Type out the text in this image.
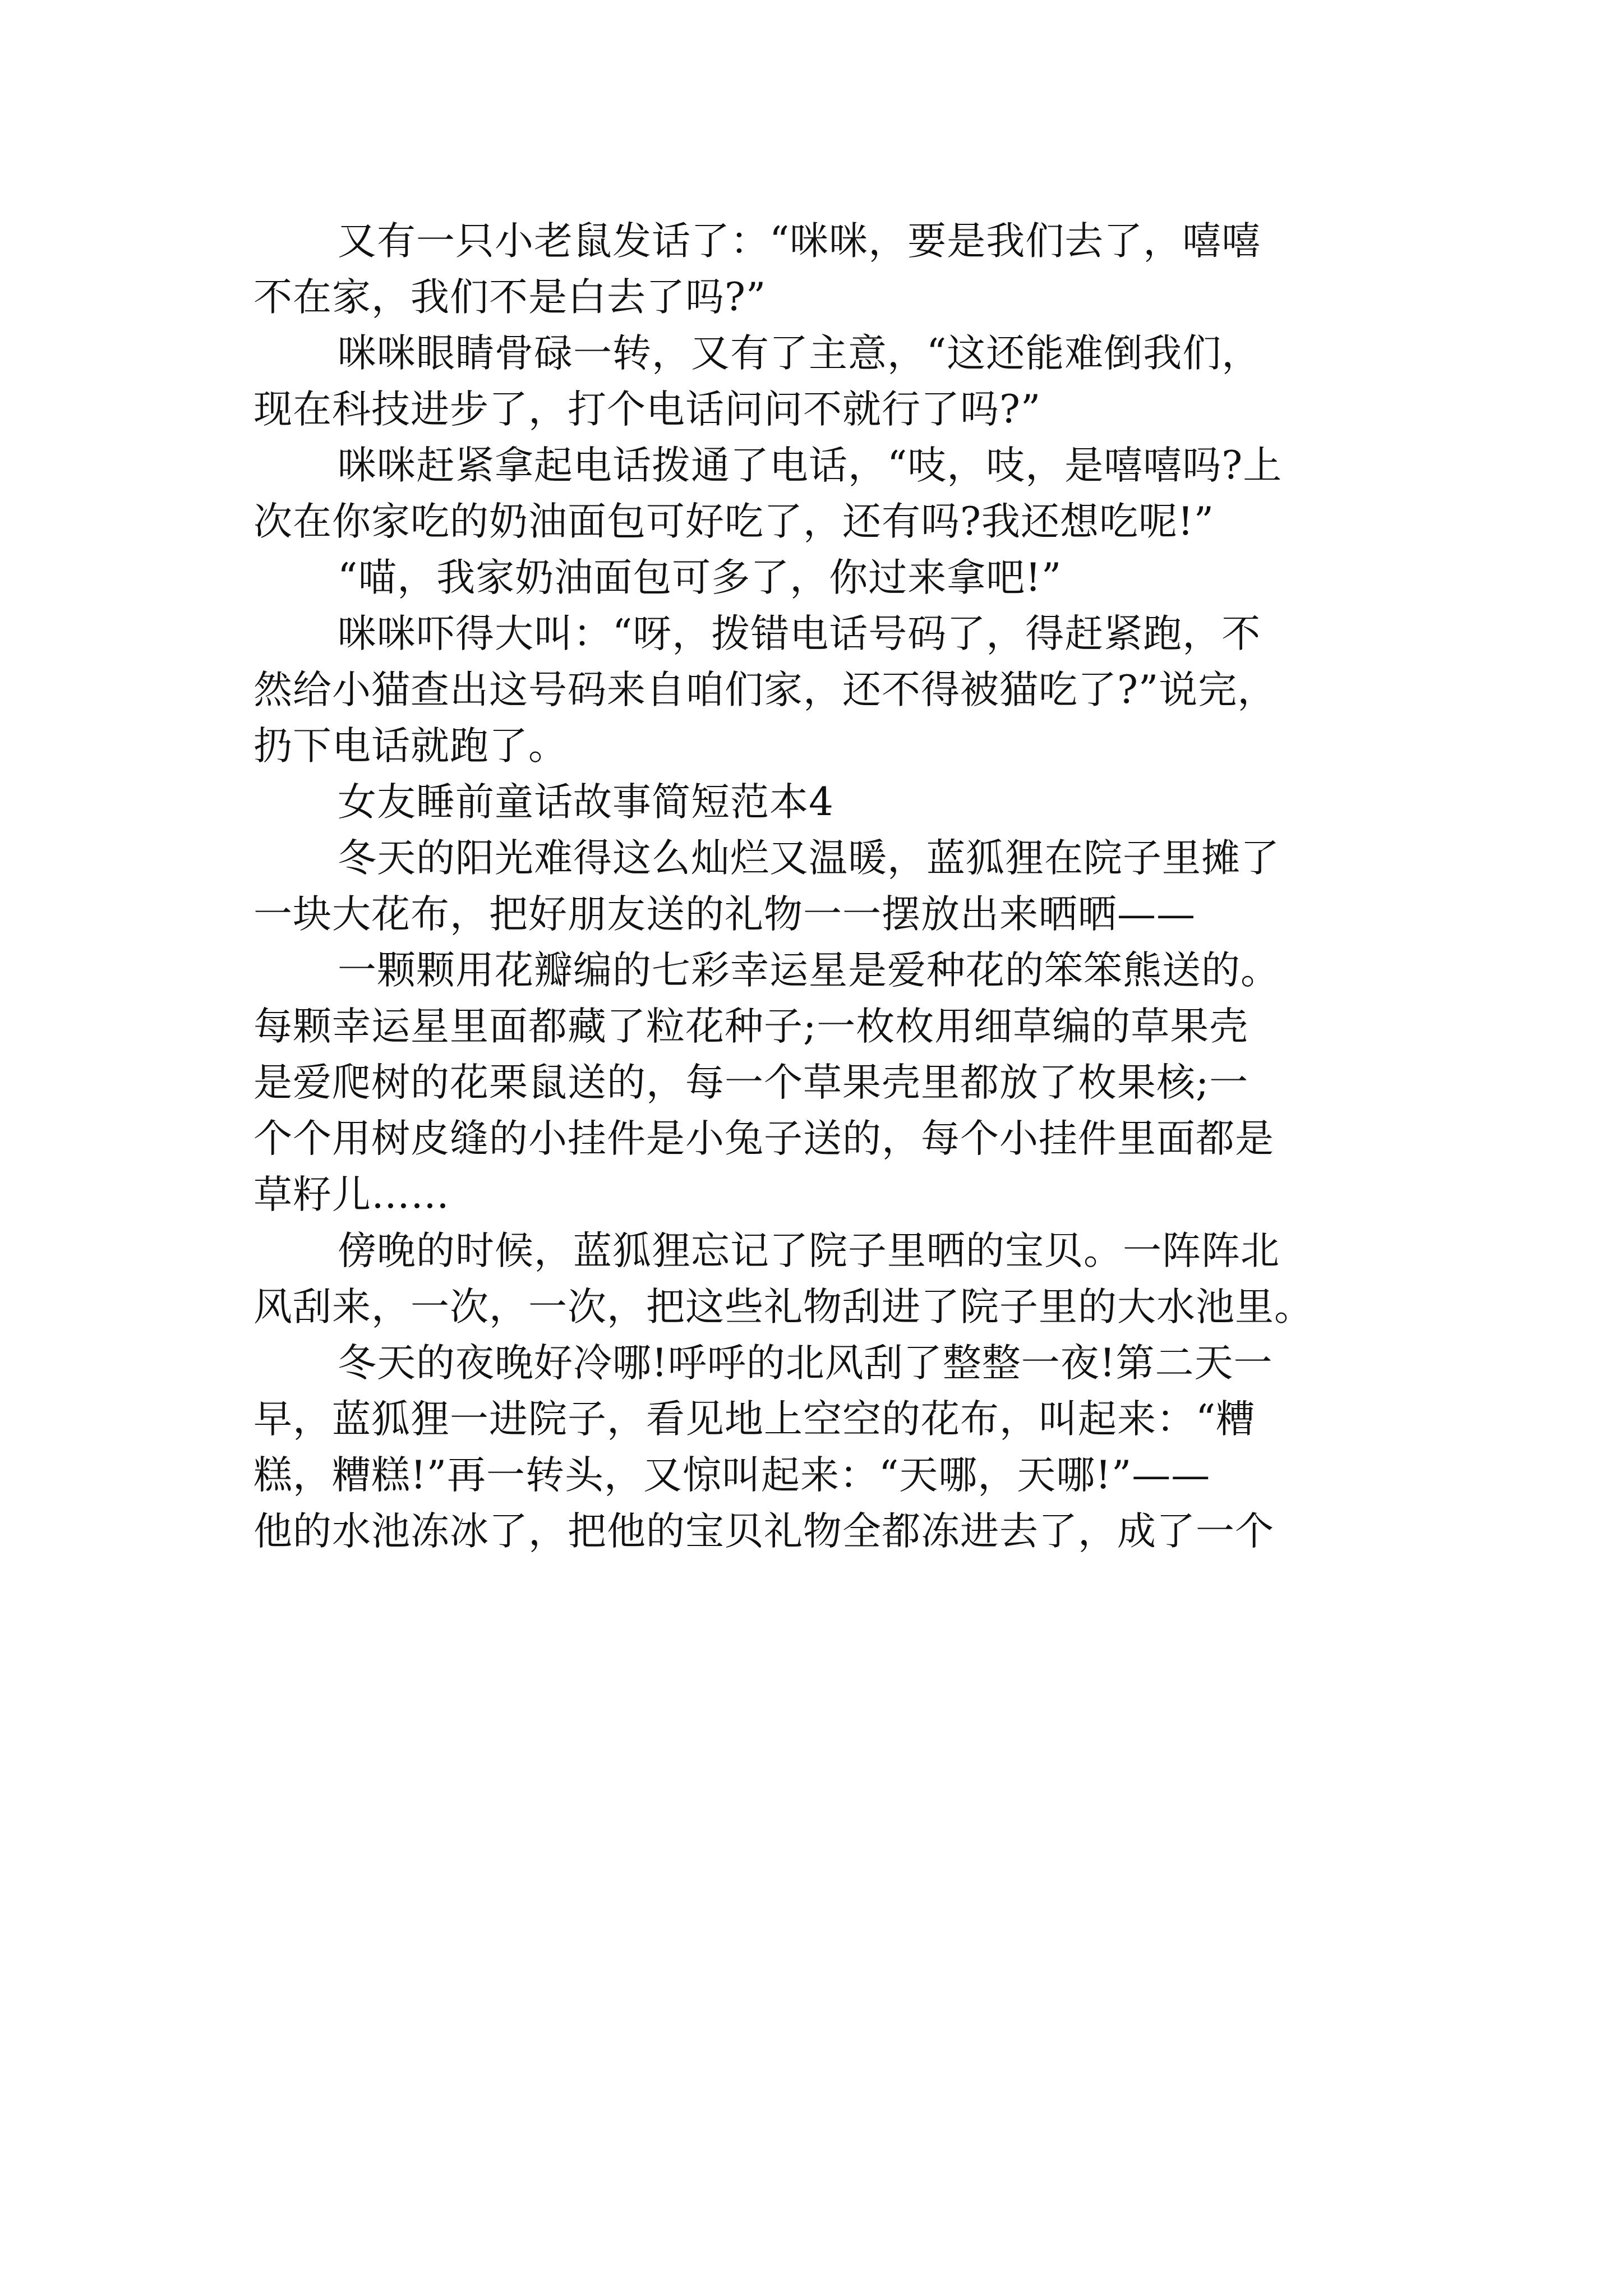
又有一只小老鼠发话了：“咪咪，要是我们去了，嘻嘻
不在家，我们不是白去了吗?”
咪咪眼睛骨碌一转，又有了主意，“这还能难倒我们，
现在科技进步了，打个电话问问不就行了吗?”
咪咪赶紧拿起电话拨通了电话，“吱，吱，是嘻嘻吗?上
次在你家吃的奶油面包可好吃了，还有吗?我还想吃呢!”
“喵，我家奶油面包可多了，你过来拿吧!”
咪咪吓得大叫：“呀，拨错电话号码了，得赶紧跑，不
然给小猫查出这号码来自咱们家，还不得被猫吃了?”说完，
扔下电话就跑了。
女友睡前童话故事简短范本4
冬天的阳光难得这么灿烂又温暖，蓝狐狸在院子里摊了
一块大花布，把好朋友送的礼物一一摆放出来晒晒——
一颗颗用花瓣编的七彩幸运星是爱种花的笨笨熊送的。
每颗幸运星里面都藏了粒花种子;一枚枚用细草编的草果壳
是爱爬树的花栗鼠送的，每一个草果壳里都放了枚果核;一
个个用树皮缝的小挂件是小兔子送的，每个小挂件里面都是
草籽儿……
傍晚的时候，蓝狐狸忘记了院子里晒的宝贝。一阵阵北
风刮来，一次，一次，把这些礼物刮进了院子里的大水池里。
冬天的夜晚好冷哪!呼呼的北风刮了整整一夜!第二天一
早，蓝狐狸一进院子，看见地上空空的花布，叫起来：“糟
糕，糟糕!”再一转头，又惊叫起来：“天哪，天哪!”——
他的水池冻冰了，把他的宝贝礼物全都冻进去了，成了一个
